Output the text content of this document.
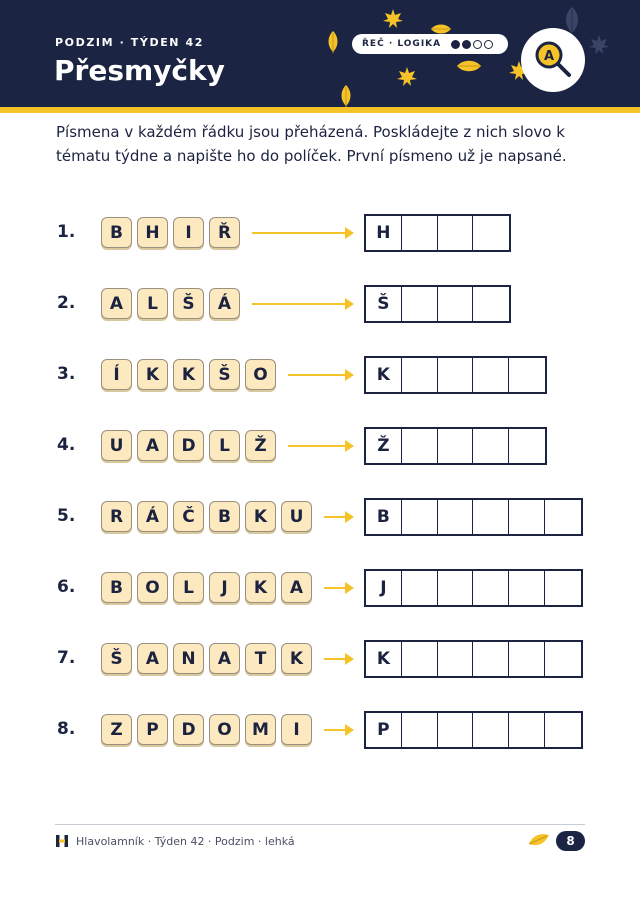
PODZIM · TÝDEN 42
Přesmyčky
ŘEČ · LOGIKA
A
Písmena v každém řádku jsou přeházená. Poskládejte z nich slovo k tématu týdne a napište ho do políček. První písmeno už je napsané.
1.	B	H	I	Ř	H
2.	A	L	Š	Á	Š
3.	Í	K	K	Š	O	K
4.	U	A	D	L	Ž	Ž
5.	R	Á	Č	B	K	U	B
6.	B	O	L	J	K	A	J
7.	Š	A	N	A	T	K	K
8.	Z	P	D	O	M	I	P
Hlavolamník · Týden 42 · Podzim · lehká	8
